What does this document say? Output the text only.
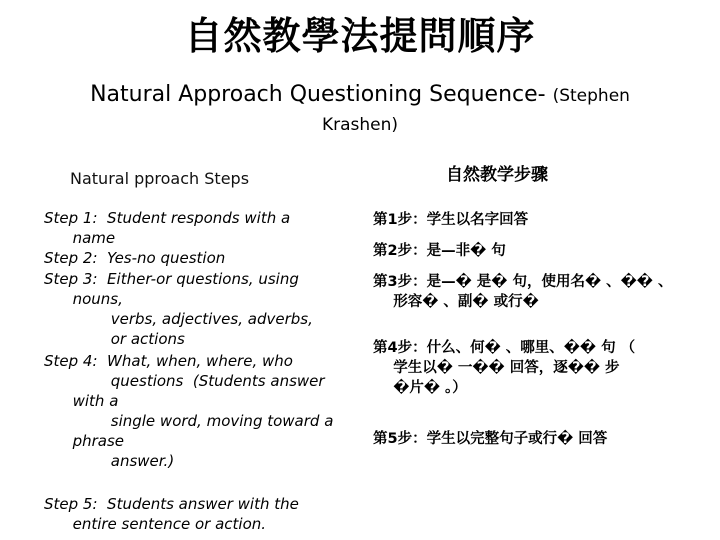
自然教學法提問順序
Natural Approach Questioning Sequence- (Stephen
Krashen)
Natural pproach Steps	自然教学步骤
Step 1:  Student responds with a
name
Step 2:  Yes-no question
Step 3:  Either-or questions, using
nouns,
verbs, adjectives, adverbs,
or actions
Step 4:  What, when, where, who
questions  (Students answer
with a
single word, moving toward a
phrase
answer.)
Step 5:  Students answer with the
entire sentence or action.
第1步：学生以名字回答
第2步：是—非� 句
第3步：是—� 是� 句，使用名� 、�� 、
形容� 、副� 或行�
第4步：什么、何� 、哪里、�� 句 （
学生以� 一�� 回答，逐�� 步
�片� 。）
第5步：学生以完整句子或行� 回答
